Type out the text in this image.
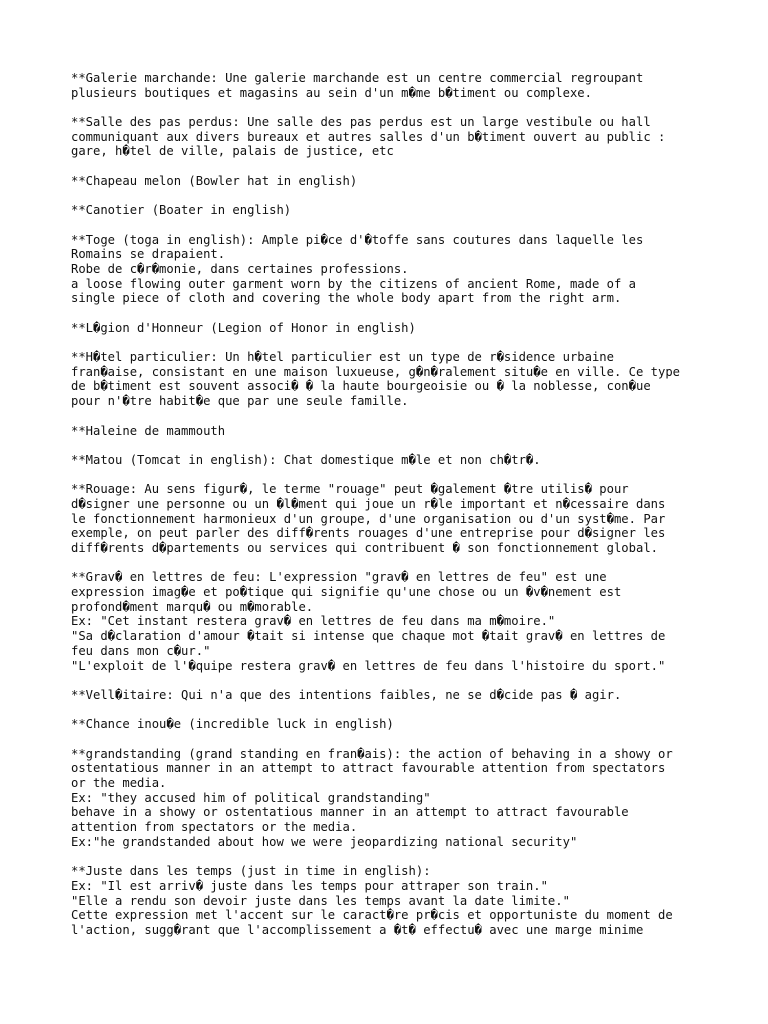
**Galerie marchande: Une galerie marchande est un centre commercial regroupant
plusieurs boutiques et magasins au sein d'un m�me b�timent ou complexe.
**Salle des pas perdus: Une salle des pas perdus est un large vestibule ou hall
communiquant aux divers bureaux et autres salles d'un b�timent ouvert au public :
gare, h�tel de ville, palais de justice, etc
**Chapeau melon (Bowler hat in english)
**Canotier (Boater in english)
**Toge (toga in english): Ample pi�ce d'�toffe sans coutures dans laquelle les
Romains se drapaient.
Robe de c�r�monie, dans certaines professions.
a loose flowing outer garment worn by the citizens of ancient Rome, made of a
single piece of cloth and covering the whole body apart from the right arm.
**L�gion d'Honneur (Legion of Honor in english)
**H�tel particulier: Un h�tel particulier est un type de r�sidence urbaine
fran�aise, consistant en une maison luxueuse, g�n�ralement situ�e en ville. Ce type
de b�timent est souvent associ� � la haute bourgeoisie ou � la noblesse, con�ue
pour n'�tre habit�e que par une seule famille.
**Haleine de mammouth
**Matou (Tomcat in english): Chat domestique m�le et non ch�tr�.
**Rouage: Au sens figur�, le terme "rouage" peut �galement �tre utilis� pour
d�signer une personne ou un �l�ment qui joue un r�le important et n�cessaire dans
le fonctionnement harmonieux d'un groupe, d'une organisation ou d'un syst�me. Par
exemple, on peut parler des diff�rents rouages d'une entreprise pour d�signer les
diff�rents d�partements ou services qui contribuent � son fonctionnement global.
**Grav� en lettres de feu: L'expression "grav� en lettres de feu" est une
expression imag�e et po�tique qui signifie qu'une chose ou un �v�nement est
profond�ment marqu� ou m�morable.
Ex: "Cet instant restera grav� en lettres de feu dans ma m�moire."
"Sa d�claration d'amour �tait si intense que chaque mot �tait grav� en lettres de
feu dans mon c�ur."
"L'exploit de l'�quipe restera grav� en lettres de feu dans l'histoire du sport."
**Vell�itaire: Qui n'a que des intentions faibles, ne se d�cide pas � agir.
**Chance inou�e (incredible luck in english)
**grandstanding (grand standing en fran�ais): the action of behaving in a showy or
ostentatious manner in an attempt to attract favourable attention from spectators
or the media.
Ex: "they accused him of political grandstanding"
behave in a showy or ostentatious manner in an attempt to attract favourable
attention from spectators or the media.
Ex:"he grandstanded about how we were jeopardizing national security"
**Juste dans les temps (just in time in english):
Ex: "Il est arriv� juste dans les temps pour attraper son train."
"Elle a rendu son devoir juste dans les temps avant la date limite."
Cette expression met l'accent sur le caract�re pr�cis et opportuniste du moment de
l'action, sugg�rant que l'accomplissement a �t� effectu� avec une marge minime
